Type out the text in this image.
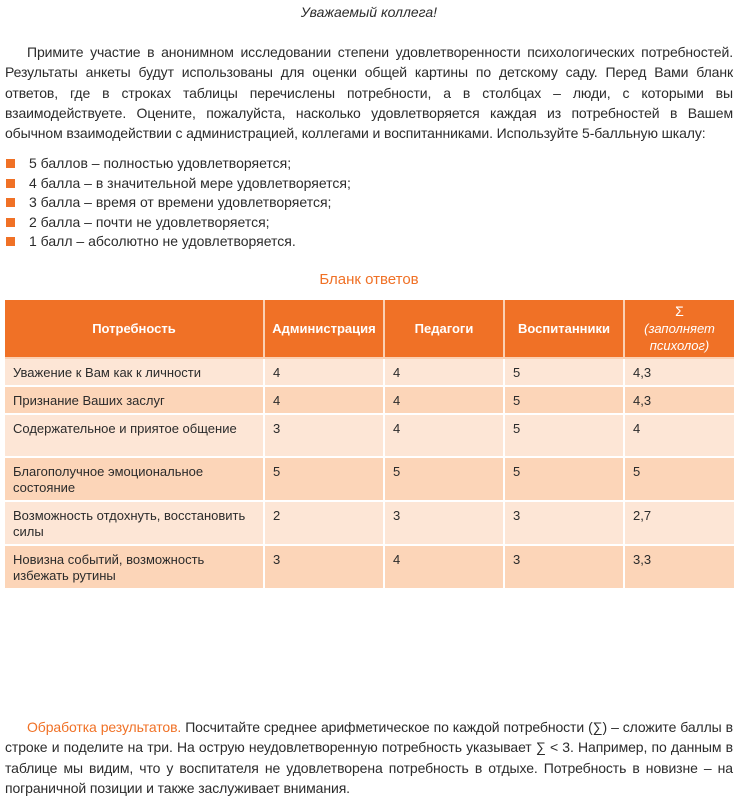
Уважаемый коллега!

Примите участие в анонимном исследовании степени удовлетворенности психологических потребностей. Результаты анкеты будут использованы для оценки общей картины по детскому саду. Перед Вами бланк ответов, где в строках таблицы перечислены потребности, а в столбцах – люди, с которыми вы взаимодействуете. Оцените, пожалуйста, насколько удовлетворяется каждая из потребностей в Вашем обычном взаимодействии с администрацией, коллегами и воспитанниками. Используйте 5-балльную шкалу:

5 баллов – полностью удовлетворяется;
4 балла – в значительной мере удовлетворяется;
3 балла – время от времени удовлетворяется;
2 балла – почти не удовлетворяется;
1 балл – абсолютно не удовлетворяется.
Бланк ответов
Потребность	Администрация	Педагоги	Воспитанники	Σ
(заполняет психолог)

Уважение к Вам как к личности	4	4	5	4,3
Признание Ваших заслуг	4	4	5	4,3
Содержательное и приятое общение	3	4	5	4
Благополучное эмоциональное состояние	5	5	5	5
Возможность отдохнуть, восстановить силы	2	3	3	2,7
Новизна событий, возможность избежать рутины	3	4	3	3,3

Обработка результатов. Посчитайте среднее арифметическое по каждой потребности (∑) – сложите баллы в строке и поделите на три. На острую неудовлетворенную потребность указывает ∑ < 3. Например, по данным в таблице мы видим, что у воспитателя не удовлетворена потребность в отдыхе. Потребность в новизне – на пограничной позиции и также заслуживает внимания.
